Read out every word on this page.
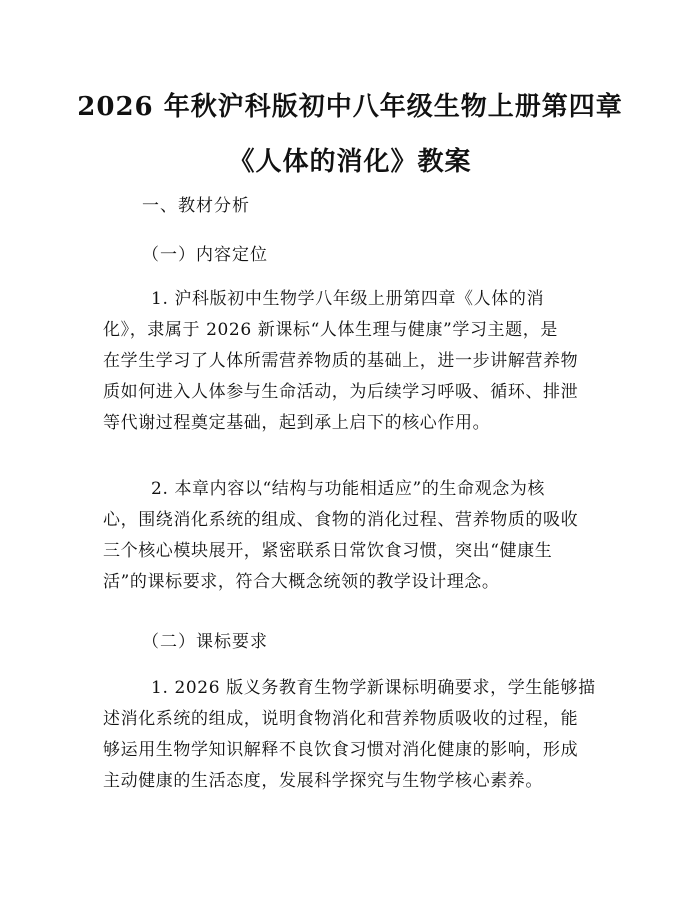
2026 年秋沪科版初中八年级生物上册第四章
《人体的消化》教案
一、教材分析
（一）内容定位
1. 沪科版初中生物学八年级上册第四章《人体的消
化》，隶属于 2026 新课标“人体生理与健康”学习主题，是
在学生学习了人体所需营养物质的基础上，进一步讲解营养物
质如何进入人体参与生命活动，为后续学习呼吸、循环、排泄
等代谢过程奠定基础，起到承上启下的核心作用。
2. 本章内容以“结构与功能相适应”的生命观念为核
心，围绕消化系统的组成、食物的消化过程、营养物质的吸收
三个核心模块展开，紧密联系日常饮食习惯，突出“健康生
活”的课标要求，符合大概念统领的教学设计理念。
（二）课标要求
1. 2026 版义务教育生物学新课标明确要求，学生能够描
述消化系统的组成，说明食物消化和营养物质吸收的过程，能
够运用生物学知识解释不良饮食习惯对消化健康的影响，形成
主动健康的生活态度，发展科学探究与生物学核心素养。
